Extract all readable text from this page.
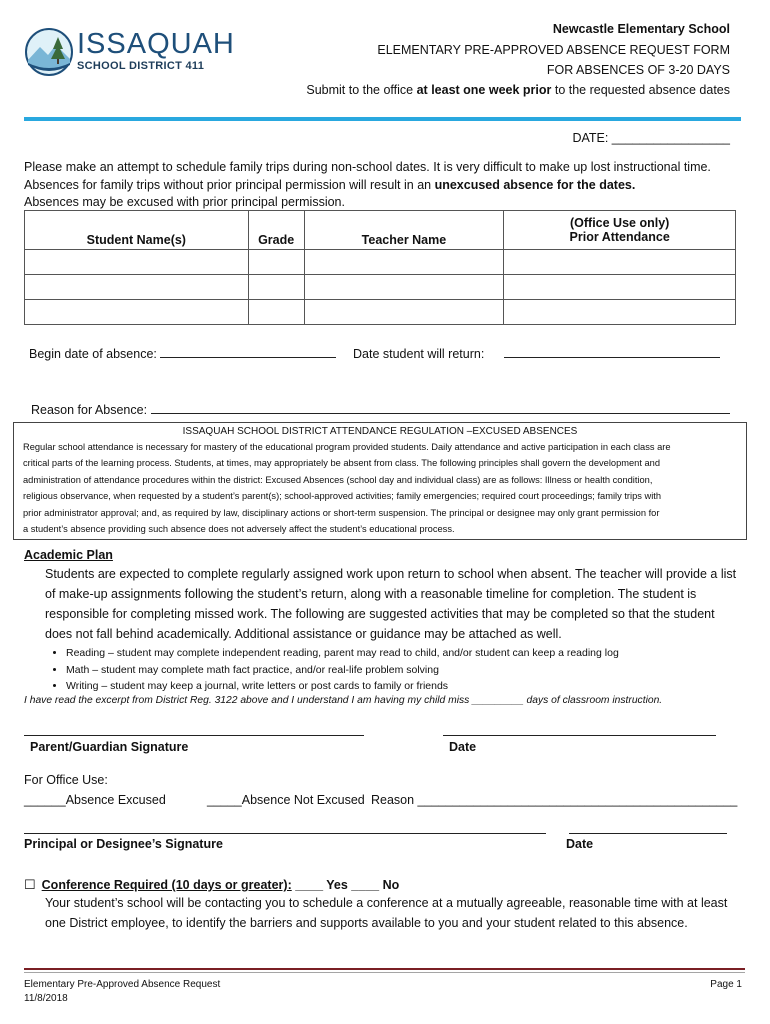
ISSAQUAH
SCHOOL DISTRICT 411
Newcastle Elementary School
ELEMENTARY PRE-APPROVED ABSENCE REQUEST FORM
FOR ABSENCES OF 3-20 DAYS
Submit to the office at least one week prior to the requested absence dates
DATE: _________________
Please make an attempt to schedule family trips during non-school dates. It is very difficult to make up lost instructional time.
Absences for family trips without prior principal permission will result in an unexcused absence for the dates.
Absences may be excused with prior principal permission.
Student Name(s)	Grade	Teacher Name	(Office Use only)
Prior Attendance

Begin date of absence:	Date student will return:
Reason for Absence:
ISSAQUAH SCHOOL DISTRICT ATTENDANCE REGULATION –EXCUSED ABSENCES
Regular school attendance is necessary for mastery of the educational program provided students. Daily attendance and active participation in each class are
critical parts of the learning process. Students, at times, may appropriately be absent from class. The following principles shall govern the development and
administration of attendance procedures within the district: Excused Absences (school day and individual class) are as follows: Illness or health condition,
religious observance, when requested by a student’s parent(s); school-approved activities; family emergencies; required court proceedings; family trips with
prior administrator approval; and, as required by law, disciplinary actions or short-term suspension. The principal or designee may only grant permission for
a student’s absence providing such absence does not adversely affect the student’s educational process.
Academic Plan
Students are expected to complete regularly assigned work upon return to school when absent. The teacher will provide a list of make-up assignments following the student’s return, along with a reasonable timeline for completion. The student is responsible for completing missed work. The following are suggested activities that may be completed so that the student does not fall behind academically. Additional assistance or guidance may be attached as well.
• Reading – student may complete independent reading, parent may read to child, and/or student can keep a reading log
• Math – student may complete math fact practice, and/or real-life problem solving
• Writing – student may keep a journal, write letters or post cards to family or friends
I have read the excerpt from District Reg. 3122 above and I understand I am having my child miss _________ days of classroom instruction.
Parent/Guardian Signature	Date
For Office Use:
______Absence Excused	_____Absence Not Excused Reason ______________________________________________
Principal or Designee’s Signature	Date
☐ Conference Required (10 days or greater): ____ Yes ____ No
Your student’s school will be contacting you to schedule a conference at a mutually agreeable, reasonable time with at least one District employee, to identify the barriers and supports available to you and your student related to this absence.
Elementary Pre-Approved Absence Request
11/8/2018
Page 1
